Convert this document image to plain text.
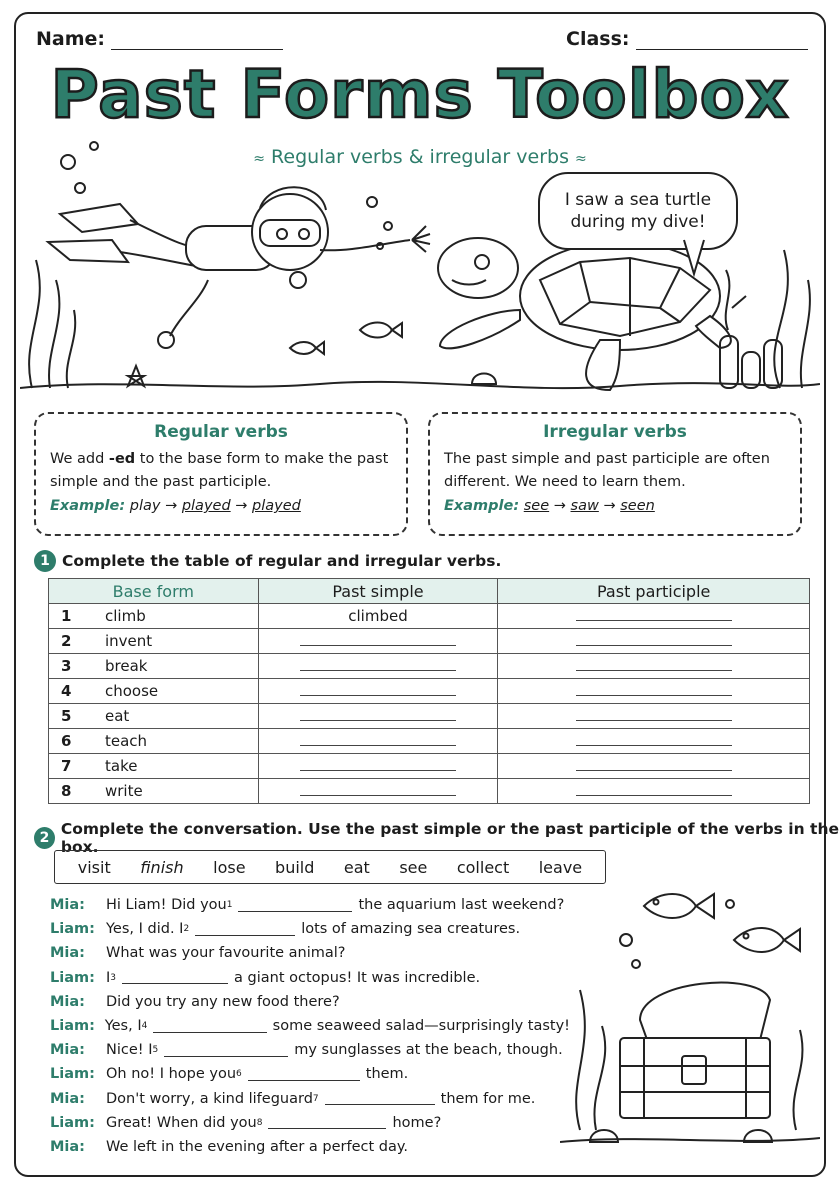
Name:	Class:
Past Forms Toolbox
≈ Regular verbs & irregular verbs ≈
I saw a sea turtle during my dive!
Regular verbs

We add -ed to the base form to make the past simple and the past participle.

Example: play → played → played
Irregular verbs

The past simple and past participle are often different. We need to learn them.

Example: see → saw → seen
1 Complete the table of regular and irregular verbs.
Base form	Past simple	Past participle
1 climb	climbed	
2 invent		
3 break		
4 choose		
5 eat		
6 teach		
7 take		
8 write		
2 Complete the conversation. Use the past simple or the past participle of the verbs in the box.
visit finish lose build eat see collect leave
Mia:	Hi Liam! Did you 1	the aquarium last weekend?
Liam: Yes, I did. I 2	lots of amazing sea creatures.
Mia:	What was your favourite animal?
Liam: I 3	a giant octopus! It was incredible.
Mia:	Did you try any new food there?
Liam: Yes, I 4	some seaweed salad—surprisingly tasty!
Mia:	Nice! I 5	my sunglasses at the beach, though.
Liam: Oh no! I hope you 6	them.
Mia:	Don't worry, a kind lifeguard 7	them for me.
Liam: Great! When did you 8	home?
Mia:	We left in the evening after a perfect day.
